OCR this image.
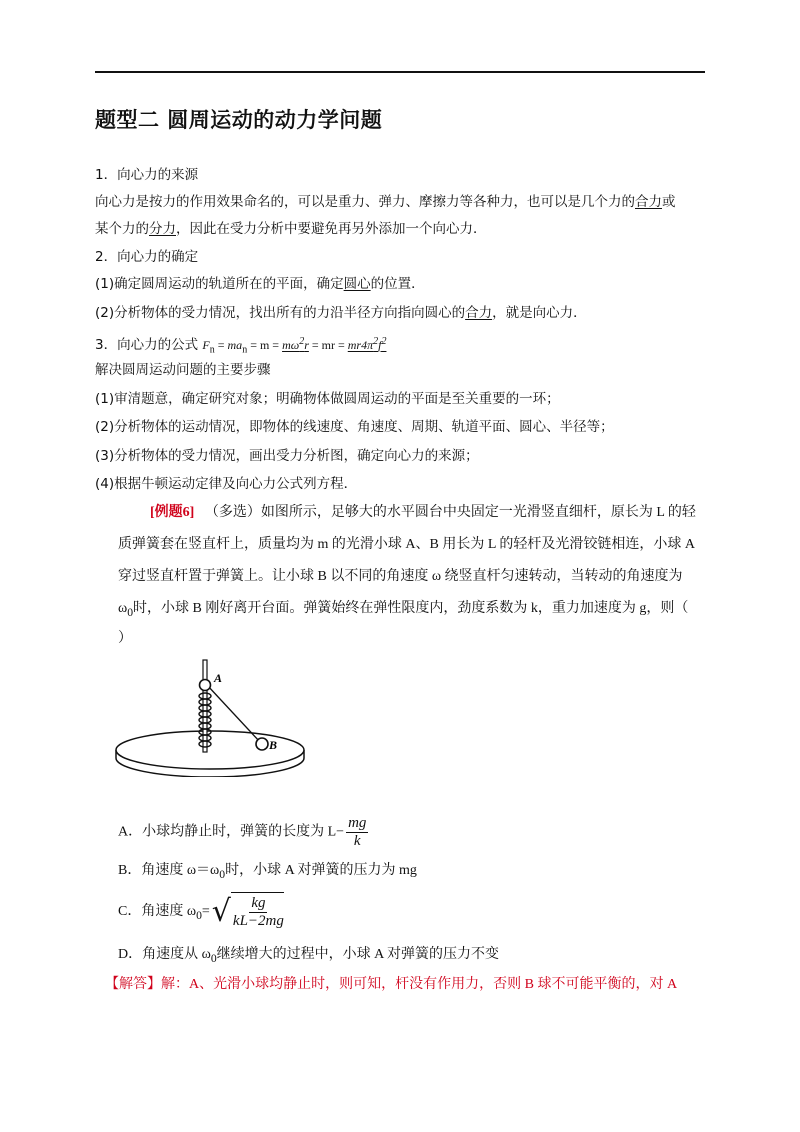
题型二 圆周运动的动力学问题
1．向心力的来源
向心力是按力的作用效果命名的，可以是重力、弹力、摩擦力等各种力，也可以是几个力的合力或
某个力的分力，因此在受力分析中要避免再另外添加一个向心力．
2．向心力的确定
(1)确定圆周运动的轨道所在的平面，确定圆心的位置．
(2)分析物体的受力情况，找出所有的力沿半径方向指向圆心的合力，就是向心力．
3．向心力的公式 $F_n = ma_n = m = m\omega^2r$ = mr = $mr4\pi^2f^2$
解决圆周运动问题的主要步骤
(1)审清题意，确定研究对象；明确物体做圆周运动的平面是至关重要的一环；
(2)分析物体的运动情况，即物体的线速度、角速度、周期、轨道平面、圆心、半径等；
(3)分析物体的受力情况，画出受力分析图，确定向心力的来源；
(4)根据牛顿运动定律及向心力公式列方程．
[例题6] （多选）如图所示，足够大的水平圆台中央固定一光滑竖直细杆，原长为 L 的轻
质弹簧套在竖直杆上，质量均为 m 的光滑小球 A、B 用长为 L 的轻杆及光滑铰链相连，小球 A
穿过竖直杆置于弹簧上。让小球 B 以不同的角速度 ω 绕竖直杆匀速转动，当转动的角速度为
$\omega_0$时，小球 B 刚好离开台面。弹簧始终在弹性限度内，劲度系数为 k，重力加速度为 g，则（
）
A
B
A．小球均静止时，弹簧的长度为 $L- \frac{mg}{k}$
B．角速度 $\omega=\omega_0$时，小球 A 对弹簧的压力为 mg
C．角速度 $\omega_0=$ √ $\frac{kg}{kL-2mg}$
D．角速度从 $\omega_0$继续增大的过程中，小球 A 对弹簧的压力不变
【解答】解：A、光滑小球均静止时，则可知，杆没有作用力，否则 B 球不可能平衡的，对 A
